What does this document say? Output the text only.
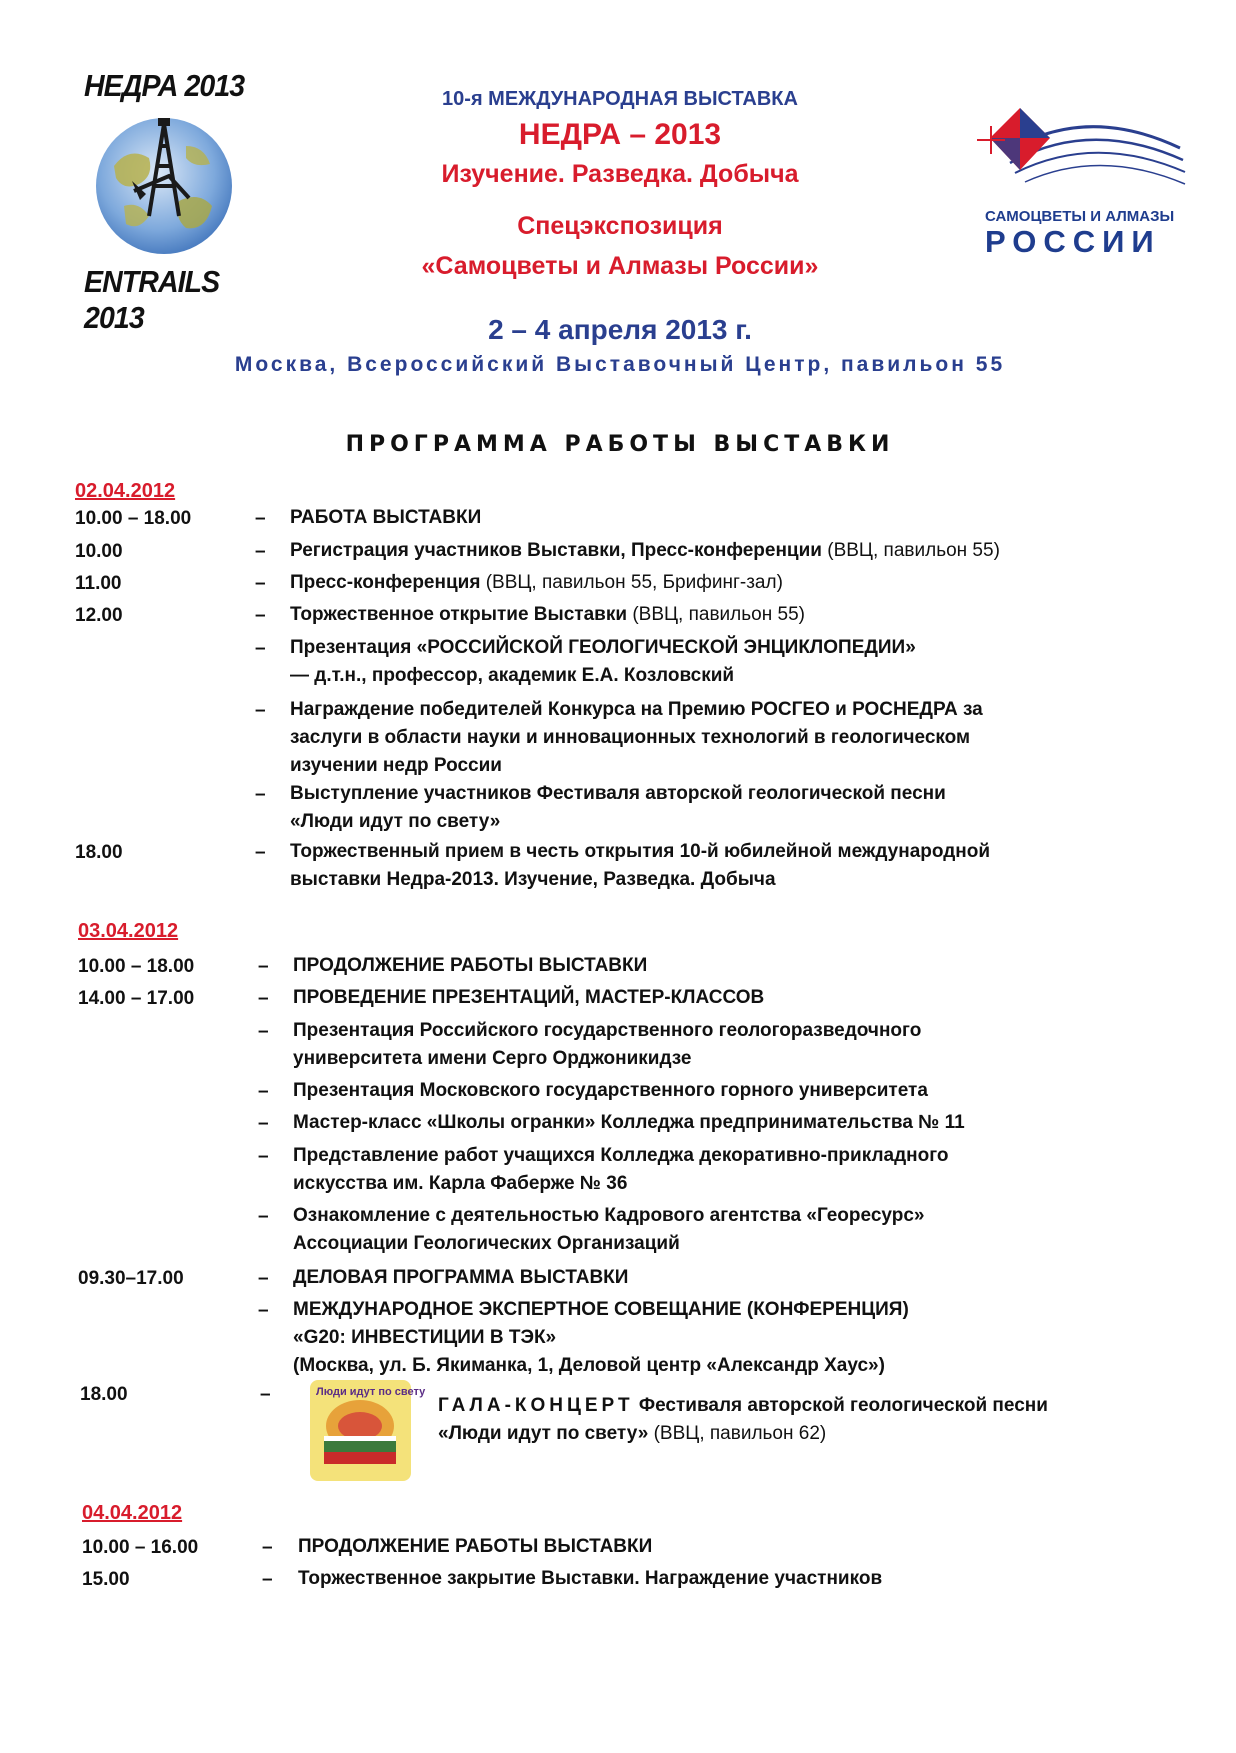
НЕДРА 2013
ENTRAILS 2013
10-я МЕЖДУНАРОДНАЯ ВЫСТАВКА
НЕДРА – 2013
Изучение. Разведка. Добыча
Спецэкспозиция
«Самоцветы и Алмазы России»
2 – 4 апреля 2013 г.
Москва, Всероссийский Выставочный Центр, павильон 55
САМОЦВЕТЫ И АЛМАЗЫ
РОССИИ
ПРОГРАММА РАБОТЫ ВЫСТАВКИ
02.04.2012
10.00 – 18.00	– РАБОТА ВЫСТАВКИ
10.00	– Регистрация участников Выставки, Пресс-конференции (ВВЦ, павильон 55)
11.00	– Пресс-конференция (ВВЦ, павильон 55, Брифинг-зал)
12.00	– Торжественное открытие Выставки (ВВЦ, павильон 55)
– Презентация «РОССИЙСКОЙ ГЕОЛОГИЧЕСКОЙ ЭНЦИКЛОПЕДИИ»
— д.т.н., профессор, академик Е.А. Козловский
– Награждение победителей Конкурса на Премию РОСГЕО и РОСНЕДРА за
заслуги в области науки и инновационных технологий в геологическом
изучении недр России
– Выступление участников Фестиваля авторской геологической песни
«Люди идут по свету»
18.00	– Торжественный прием в честь открытия 10-й юбилейной международной
выставки Недра-2013. Изучение, Разведка. Добыча
03.04.2012
10.00 – 18.00	– ПРОДОЛЖЕНИЕ РАБОТЫ ВЫСТАВКИ
14.00 – 17.00	– ПРОВЕДЕНИЕ ПРЕЗЕНТАЦИЙ, МАСТЕР-КЛАССОВ
– Презентация Российского государственного геологоразведочного
университета имени Серго Орджоникидзе
– Презентация Московского государственного горного университета
– Мастер-класс «Школы огранки» Колледжа предпринимательства № 11
– Представление работ учащихся Колледжа декоративно-прикладного
искусства им. Карла Фаберже № 36
– Ознакомление с деятельностью Кадрового агентства «Георесурс»
Ассоциации Геологических Организаций
09.30–17.00	– ДЕЛОВАЯ ПРОГРАММА ВЫСТАВКИ
– МЕЖДУНАРОДНОЕ ЭКСПЕРТНОЕ СОВЕЩАНИЕ (КОНФЕРЕНЦИЯ)
«G20: ИНВЕСТИЦИИ В ТЭК»
(Москва, ул. Б. Якиманка, 1, Деловой центр «Александр Хаус»)
18.00	–	Люди идут по свету
ГАЛА-КОНЦЕРТ Фестиваля авторской геологической песни
«Люди идут по свету» (ВВЦ, павильон 62)
04.04.2012
10.00 – 16.00	– ПРОДОЛЖЕНИЕ РАБОТЫ ВЫСТАВКИ
15.00	– Торжественное закрытие Выставки. Награждение участников
